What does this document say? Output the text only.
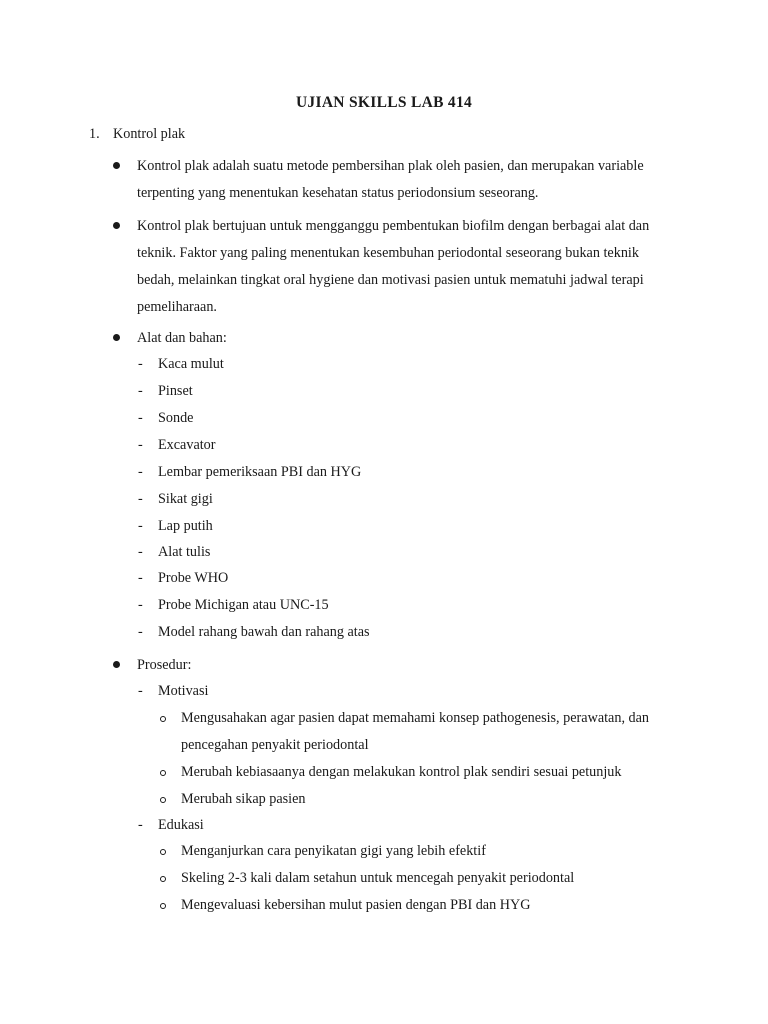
UJIAN SKILLS LAB 414
1. Kontrol plak
Kontrol plak adalah suatu metode pembersihan plak oleh pasien, dan merupakan variable
terpenting yang menentukan kesehatan status periodonsium seseorang.
Kontrol plak bertujuan untuk mengganggu pembentukan biofilm dengan berbagai alat dan
teknik. Faktor yang paling menentukan kesembuhan periodontal seseorang bukan teknik
bedah, melainkan tingkat oral hygiene dan motivasi pasien untuk mematuhi jadwal terapi
pemeliharaan.
Alat dan bahan:
- Kaca mulut
- Pinset
- Sonde
- Excavator
- Lembar pemeriksaan PBI dan HYG
- Sikat gigi
- Lap putih
- Alat tulis
- Probe WHO
- Probe Michigan atau UNC-15
- Model rahang bawah dan rahang atas
Prosedur:
- Motivasi
Mengusahakan agar pasien dapat memahami konsep pathogenesis, perawatan, dan
pencegahan penyakit periodontal
Merubah kebiasaanya dengan melakukan kontrol plak sendiri sesuai petunjuk
Merubah sikap pasien
- Edukasi
Menganjurkan cara penyikatan gigi yang lebih efektif
Skeling 2-3 kali dalam setahun untuk mencegah penyakit periodontal
Mengevaluasi kebersihan mulut pasien dengan PBI dan HYG
